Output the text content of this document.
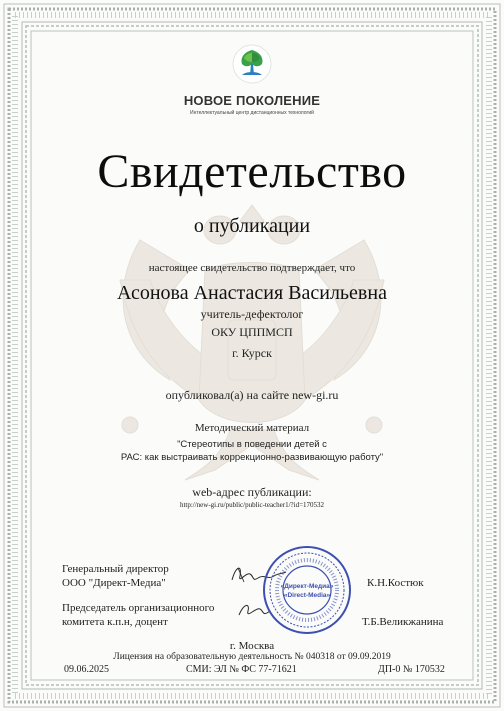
НОВОЕ ПОКОЛЕНИЕ
Интеллектуальный центр дистанционных технологий
Свидетельство
о публикации
настоящее свидетельство подтверждает, что
Асонова Анастасия Васильевна
учитель-дефектолог
ОКУ ЦППМСП
г. Курск
опубликовал(а) на сайте new-gi.ru
Методический материал
"Стереотипы в поведении детей с
РАС: как выстраивать коррекционно-развивающую работу"
web-адрес публикации:
http://new-gi.ru/public/public-teacher1/?id=170532
Генеральный директор
ООО "Директ-Медиа"
Председатель организационного
комитета к.п.н, доцент
«Директ-Медиа»
«Direct-Media»
К.Н.Костюк
Т.Б.Великжанина
г. Москва
Лицензия на образовательную деятельность № 040318 от 09.09.2019
09.06.2025	СМИ: ЭЛ № ФС 77-71621	ДП-0 № 170532
